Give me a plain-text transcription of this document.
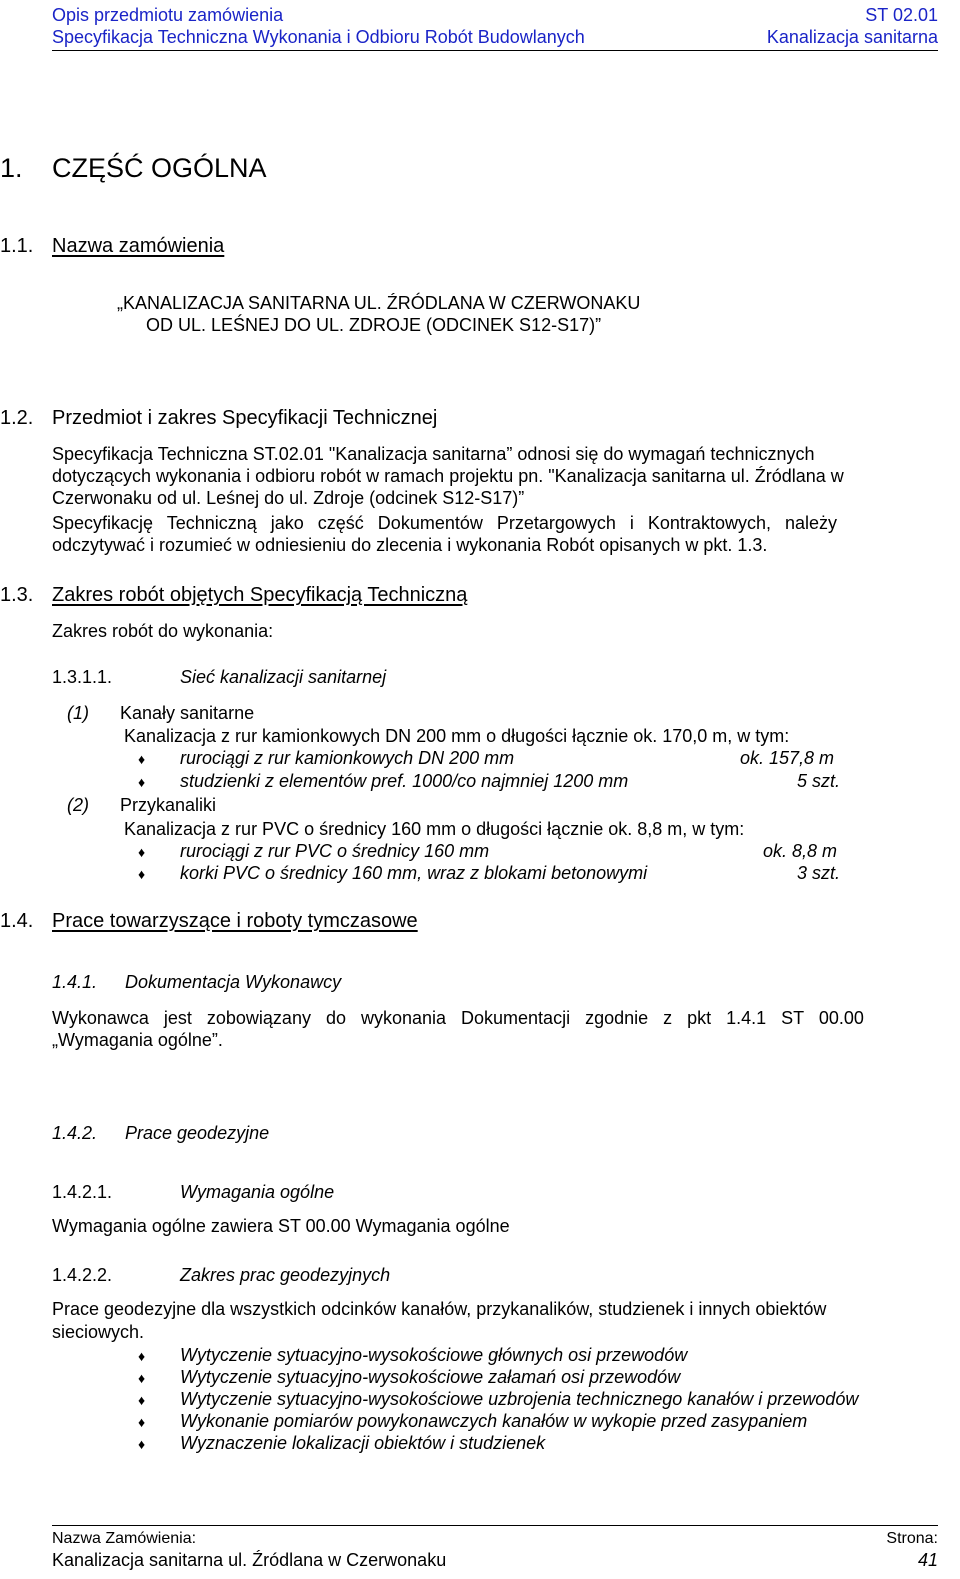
Opis przedmiotu zamówienia	ST 02.01
Specyfikacja Techniczna Wykonania i Odbioru Robót Budowlanych	Kanalizacja sanitarna
1. CZĘŚĆ OGÓLNA
1.1. Nazwa zamówienia
„KANALIZACJA SANITARNA UL. ŹRÓDLANA W CZERWONAKU
OD UL. LEŚNEJ DO UL. ZDROJE (ODCINEK S12-S17)”
1.2. Przedmiot i zakres Specyfikacji Technicznej
Specyfikacja Techniczna ST.02.01 "Kanalizacja sanitarna” odnosi się do wymagań technicznych
dotyczących wykonania i odbioru robót w ramach projektu pn. "Kanalizacja sanitarna ul. Źródlana w
Czerwonaku od ul. Leśnej do ul. Zdroje (odcinek S12-S17)”
Specyfikację Techniczną jako część Dokumentów Przetargowych i Kontraktowych, należy
odczytywać i rozumieć w odniesieniu do zlecenia i wykonania Robót opisanych w pkt. 1.3.
1.3. Zakres robót objętych Specyfikacją Techniczną
Zakres robót do wykonania:
1.3.1.1.	Sieć kanalizacji sanitarnej
(1) Kanały sanitarne
Kanalizacja z rur kamionkowych DN 200 mm o długości łącznie ok. 170,0 m, w tym:
♦ rurociągi z rur kamionkowych DN 200 mm	ok. 157,8 m
♦ studzienki z elementów pref. 1000/co najmniej 1200 mm	5 szt.
(2) Przykanaliki
Kanalizacja z rur PVC o średnicy 160 mm o długości łącznie ok. 8,8 m, w tym:
♦ rurociągi z rur PVC o średnicy 160 mm	ok. 8,8 m
♦ korki PVC o średnicy 160 mm, wraz z blokami betonowymi	3 szt.
1.4. Prace towarzyszące i roboty tymczasowe
1.4.1. Dokumentacja Wykonawcy
Wykonawca jest zobowiązany do wykonania Dokumentacji zgodnie z pkt 1.4.1 ST 00.00
„Wymagania ogólne”.
1.4.2. Prace geodezyjne
1.4.2.1.	Wymagania ogólne
Wymagania ogólne zawiera ST 00.00 Wymagania ogólne
1.4.2.2.	Zakres prac geodezyjnych
Prace geodezyjne dla wszystkich odcinków kanałów, przykanalików, studzienek i innych obiektów
sieciowych.
♦ Wytyczenie sytuacyjno-wysokościowe głównych osi przewodów
♦ Wytyczenie sytuacyjno-wysokościowe załamań osi przewodów
♦ Wytyczenie sytuacyjno-wysokościowe uzbrojenia technicznego kanałów i przewodów
♦ Wykonanie pomiarów powykonawczych kanałów w wykopie przed zasypaniem
♦ Wyznaczenie lokalizacji obiektów i studzienek
Nazwa Zamówienia:
Kanalizacja sanitarna ul. Źródlana w Czerwonaku
Strona:
41
